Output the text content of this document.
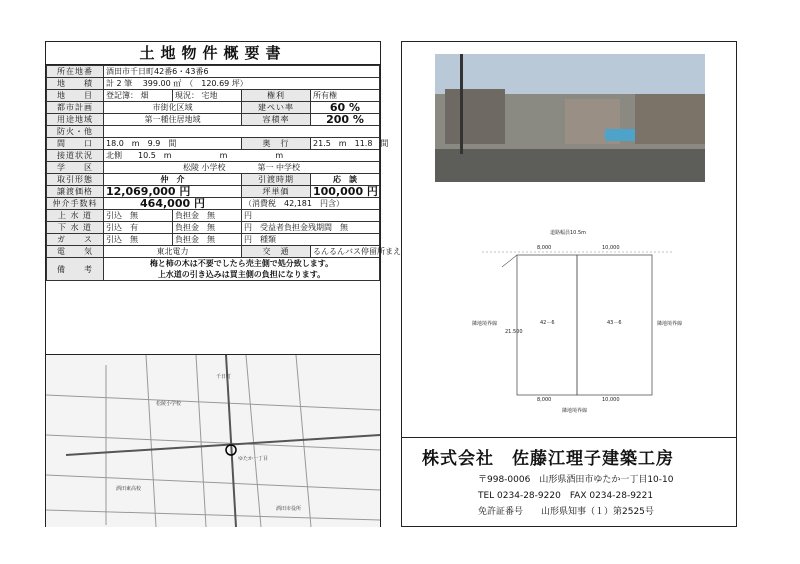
土地物件概要書
所在地番	酒田市千日町42番6・43番6			
地　　積	計 2 筆　 399.00 ㎡　（　120.69 坪）			
地　　目	登記簿： 畑	現況： 宅地	権利	所有権
都市計画	市街化区域		建ぺい率	60 %
用途地域	第一種住居地域		容積率	200 %
防火・他				
間　　口	18.0　m　9.9　間		奥　行	21.5　m　11.8　間
接道状況	北側　　10.5　m　　　　　　m　　　　　　m			
学　　区	松陵 小学校　　　　第一 中学校			
取引形態	仲　介		引渡時期	応　談
譲渡価格	12,069,000 円		坪単価	100,000 円
仲介手数料	464,000 円		（消費税　42,181　円含）	
上 水 道	引込　無	負担金　無	円	
下 水 道	引込　有	負担金　無	円　受益者負担金残期間　無	
ガ　　ス	引込　無	負担金　無	円　種類	
電　　気	東北電力		交　通	るんるんバス停留所まえ
備　　考	梅と柿の木は不要でしたら売主側で処分致します。
上水道の引き込みは買主側の負担になります。			
松陵小学校
千日町
ゆたか一丁目
酒田東高校
酒田市役所
道路幅員10.5m
8,000	10,000
42－6	43－6
隣地境界線	隣地境界線
21.500
8,000	10,000
隣地境界線
株式会社　佐藤江理子建築工房
〒998-0006　山形県酒田市ゆたか一丁目10-10
TEL 0234-28-9220　FAX 0234-28-9221
免許証番号　　山形県知事（１）第2525号
